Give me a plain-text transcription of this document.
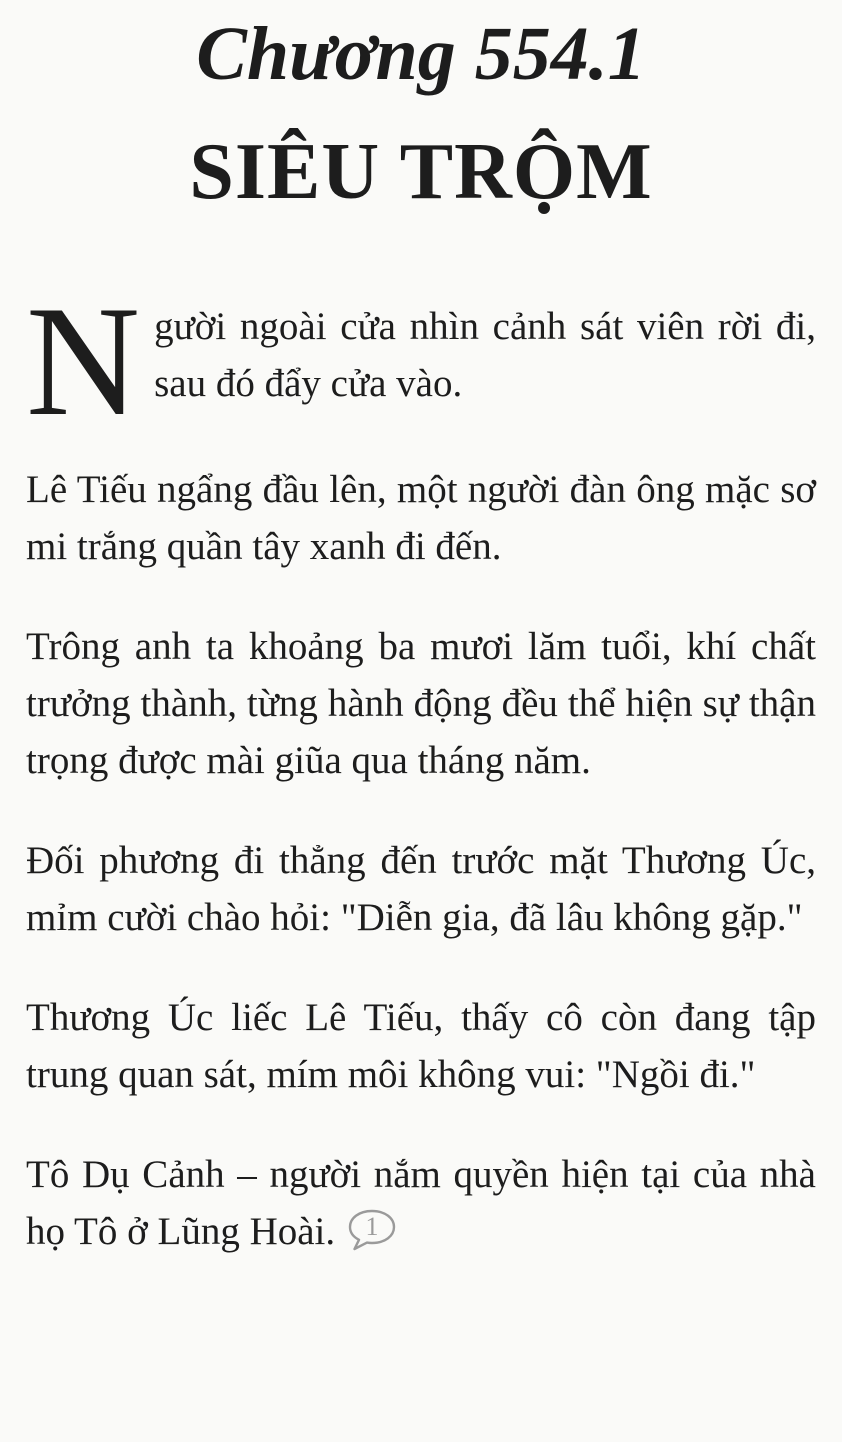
Chương 554.1
SIÊU TRỘM

Người ngoài cửa nhìn cảnh sát viên rời đi, sau đó đẩy cửa vào.

Lê Tiếu ngẩng đầu lên, một người đàn ông mặc sơ mi trắng quần tây xanh đi đến.

Trông anh ta khoảng ba mươi lăm tuổi, khí chất trưởng thành, từng hành động đều thể hiện sự thận trọng được mài giũa qua tháng năm.

Đối phương đi thẳng đến trước mặt Thương Úc, mỉm cười chào hỏi: "Diễn gia, đã lâu không gặp."

Thương Úc liếc Lê Tiếu, thấy cô còn đang tập trung quan sát, mím môi không vui: "Ngồi đi."

Tô Dụ Cảnh – người nắm quyền hiện tại của nhà họ Tô ở Lũng Hoài. 1
